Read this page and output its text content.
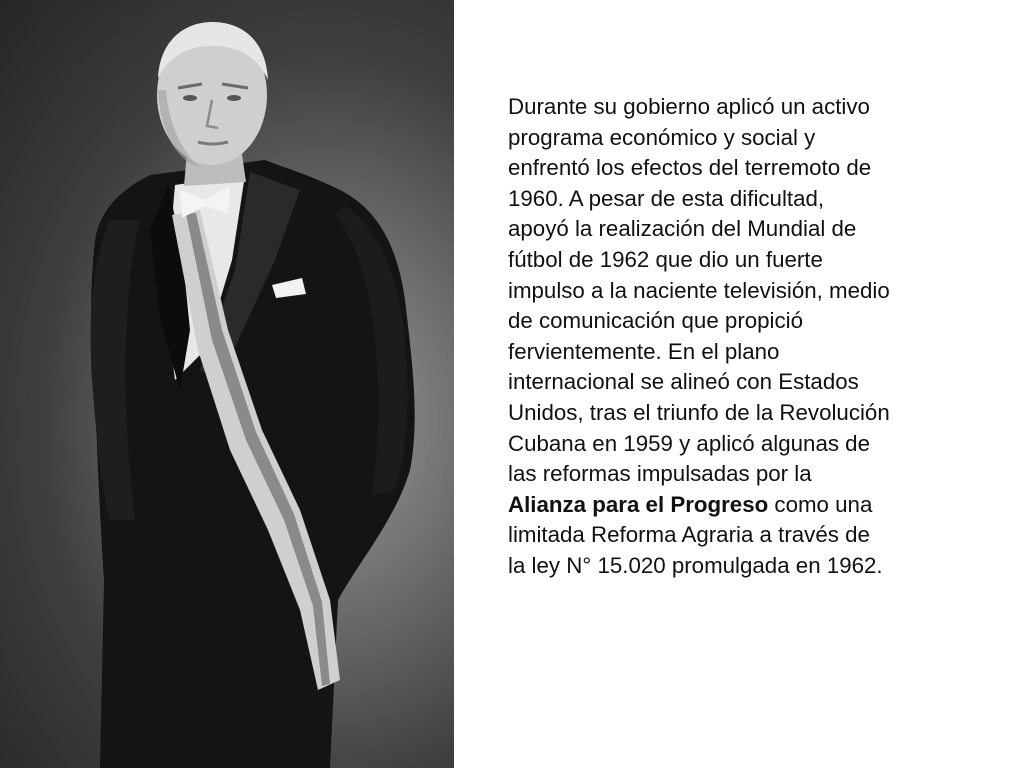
Durante su gobierno aplicó un activo
programa económico y social y
enfrentó los efectos del terremoto de
1960. A pesar de esta dificultad,
apoyó la realización del Mundial de
fútbol de 1962 que dio un fuerte
impulso a la naciente televisión, medio
de comunicación que propició
fervientemente. En el plano
internacional se alineó con Estados
Unidos, tras el triunfo de la Revolución
Cubana en 1959 y aplicó algunas de
las reformas impulsadas por la
Alianza para el Progreso como una
limitada Reforma Agraria a través de
la ley N° 15.020 promulgada en 1962.
